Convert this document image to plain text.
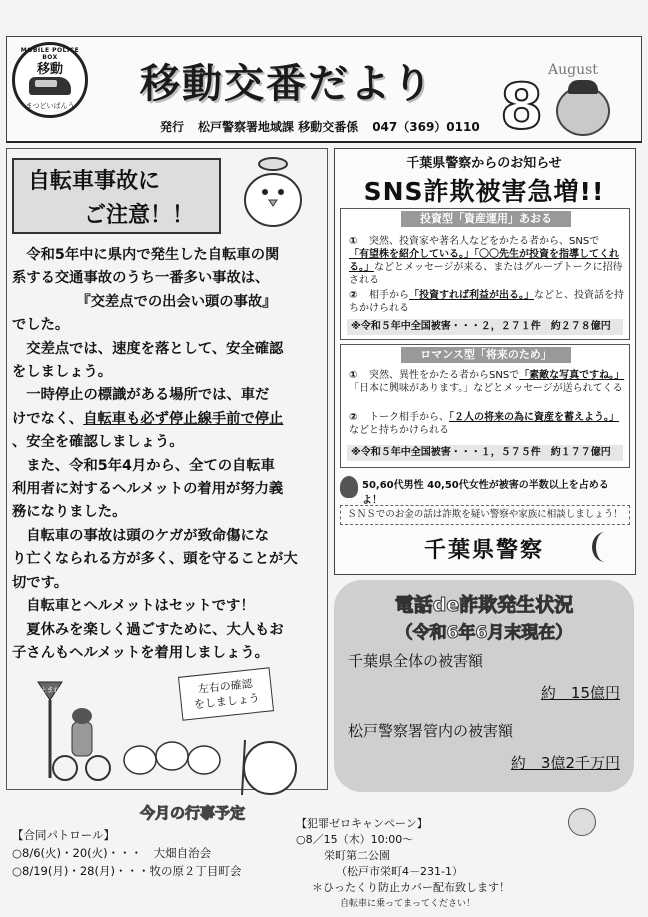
MOBILE POLICE BOX
移動
まつどいばんう 移動交番だより 8 August
発行 松戸警察署地域課 移動交番係 047（369）0110
自転車事故に
ご注意！！
　令和5年中に県内で発生した自転車の関
系する交通事故のうち一番多い事故は、
　　　　　『交差点での出会い頭の事故』
でした。
　交差点では、速度を落として、安全確認
をしましょう。
　一時停止の標識がある場所では、車だ
けでなく、自転車も必ず停止線手前で停止
、安全を確認しましょう。
　また、令和5年4月から、全ての自転車
利用者に対するヘルメットの着用が努力義
務になりました。
　自転車の事故は頭のケガが致命傷にな
り亡くなられる方が多く、頭を守ることが大
切です。
　自転車とヘルメットはセットです！
　夏休みを楽しく過ごすために、大人もお
子さんもヘルメットを着用しましょう。
止まれ	左右の確認
をしましょう
千葉県警察からのお知らせ
SNS詐欺被害急増!!
投資型「資産運用」あおる
① 突然、投資家や著名人などをかたる者から、SNSで
「有望株を紹介している。」「〇〇先生が投資を指導してくれる。」などとメッセージが来る、またはグループトークに招待される
② 相手から「投資すれば利益が出る。」などと、投資話を持ちかけられる
※令和５年中全国被害・・・２，２７１件　約２７８億円
ロマンス型「将来のため」
① 突然、異性をかたる者からSNSで「素敵な写真ですね。」「日本に興味があります。」などとメッセージが送られてくる
② トーク相手から、「２人の将来の為に資産を蓄えよう。」などと持ちかけられる
※令和５年中全国被害・・・１，５７５件　約１７７億円
50,60代男性 40,50代女性が被害の半数以上を占めるよ！
ＳＮＳでのお金の話は詐欺を疑い警察や家族に相談しましょう！
千葉県警察
電話de詐欺発生状況
（令和6年6月末現在）
千葉県全体の被害額
約　15億円
松戸警察署管内の被害額
約　3億2千万円
今月の行事予定
【合同パトロール】
○8/6(火)・20(火)・・・　大畑自治会
○8/19(月)・28(月)・・・牧の原２丁目町会
【犯罪ゼロキャンペーン】
○8／15（木）10:00～
栄町第二公園
（松戸市栄町4－231-1）
＊ひったくり防止カバー配布致します！
自転車に乗ってまってください！
